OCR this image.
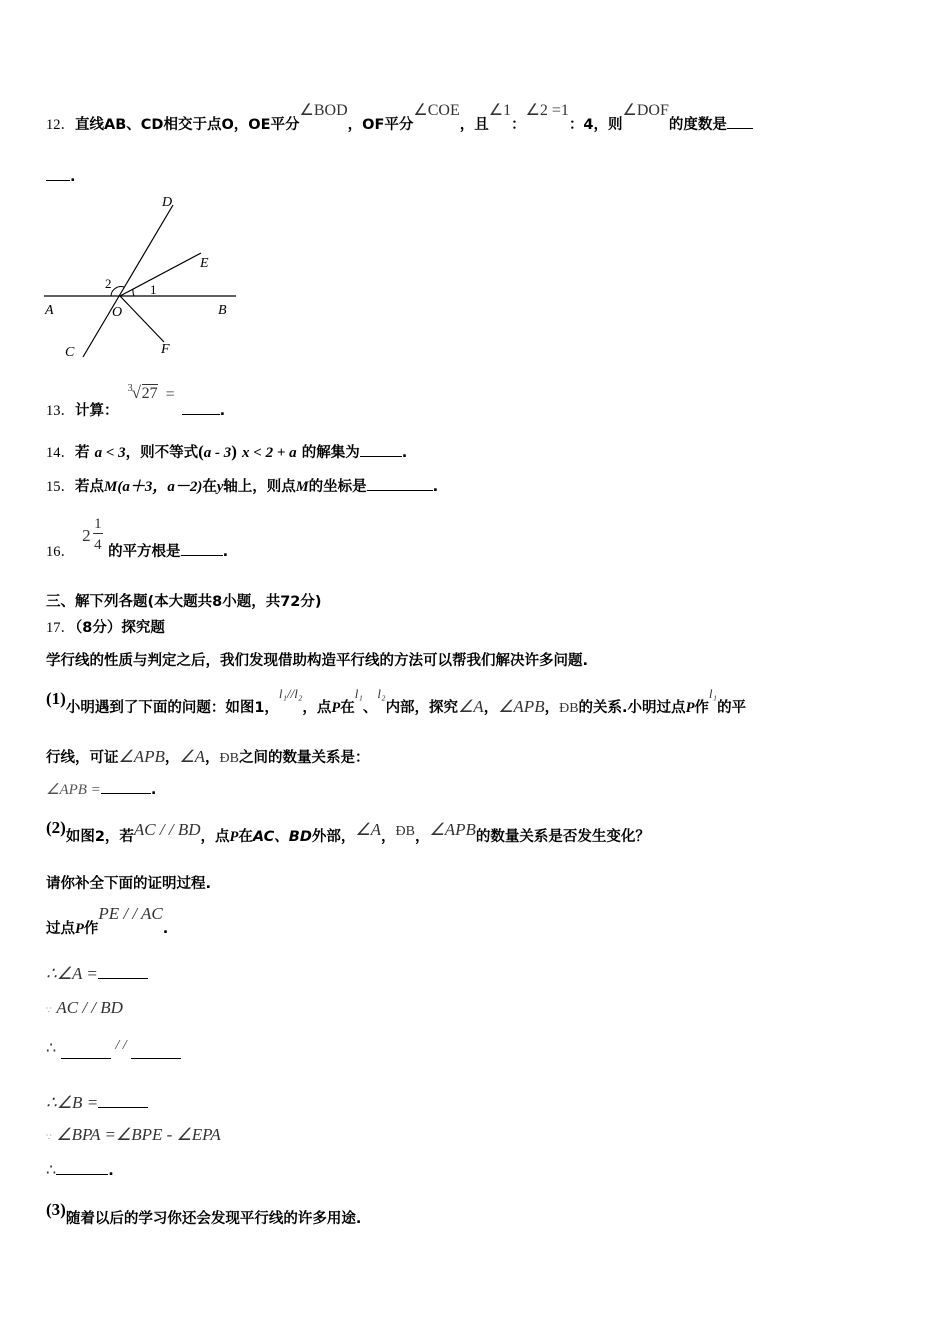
12．直线AB、CD相交于点O，OE平分∠BOD，OF平分∠COE，且∠1：∠2 =1：4，则∠DOF的度数是
.
D
E
A	O	B
C	F
1
2
13．计算：
3 √ 27 =
.
14．若 a < 3，则不等式(a - 3) x < 2 + a 的解集为	.
15．若点M(a＋3，a－2)在y轴上，则点M的坐标是	.
16．
2
1
4 的平方根是	.
三、解下列各题(本大题共8小题，共72分)
17．（8分）探究题
学行线的性质与判定之后，我们发现借助构造平行线的方法可以帮我们解决许多问题.
(1)小明遇到了下面的问题：如图1，l₁//l₂，点P在l₁、l₂内部，探究∠A，∠APB，ÐB的关系.小明过点P作l₁的平
行线，可证∠APB，∠A，ÐB之间的数量关系是：
∠APB =	.
(2)如图2，若AC / / BD，点P在AC、BD外部，∠A，ÐB，∠APB的数量关系是否发生变化？
请你补全下面的证明过程.
过点P作PE / / AC.
∴∠A =
∵ AC / / BD
∴	/ /
∴∠B =
∵ ∠BPA =∠BPE - ∠EPA
∴	.
(3)随着以后的学习你还会发现平行线的许多用途.
